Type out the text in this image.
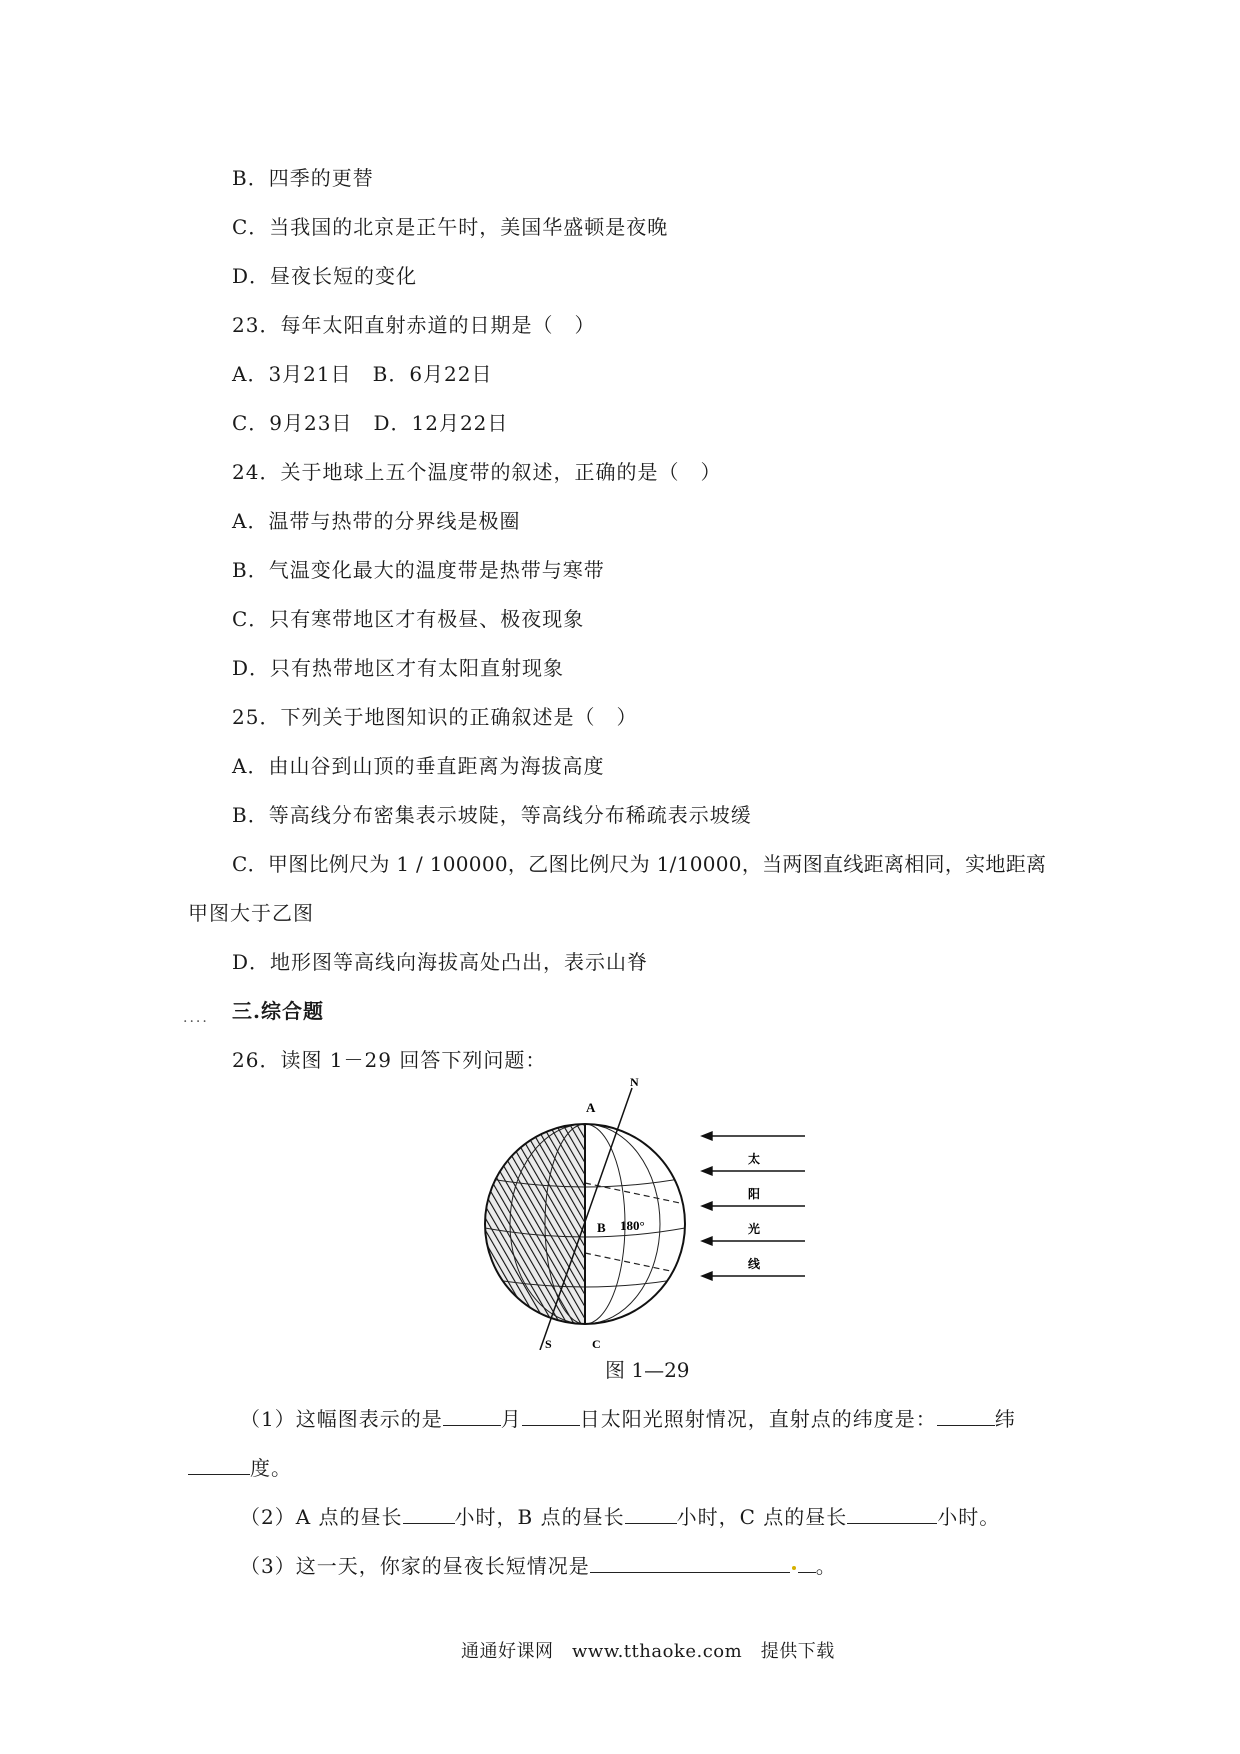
B．四季的更替
C．当我国的北京是正午时，美国华盛顿是夜晚
D．昼夜长短的变化
23．每年太阳直射赤道的日期是（　）
A．3月21日　B．6月22日
C．9月23日　D．12月22日
24．关于地球上五个温度带的叙述，正确的是（　）
A．温带与热带的分界线是极圈
B．气温变化最大的温度带是热带与寒带
C．只有寒带地区才有极昼、极夜现象
D．只有热带地区才有太阳直射现象
25．下列关于地图知识的正确叙述是（　）
A．由山谷到山顶的垂直距离为海拔高度
B．等高线分布密集表示坡陡，等高线分布稀疏表示坡缓
C．甲图比例尺为 1 / 100000，乙图比例尺为 1/10000，当两图直线距离相同，实地距离
甲图大于乙图
D．地形图等高线向海拔高处凸出，表示山脊
.... 三.综合题
26．读图 1－29 回答下列问题：
A
N
B 180°
S	C
太
阳
光
线
图 1—29
（1）这幅图表示的是	月	日太阳光照射情况，直射点的纬度是：	纬
度。
（2）A 点的昼长	小时，B 点的昼长	小时，C 点的昼长	小时。
（3）这一天，你家的昼夜长短情况是	。
通通好课网　www.tthaoke.com　提供下载
